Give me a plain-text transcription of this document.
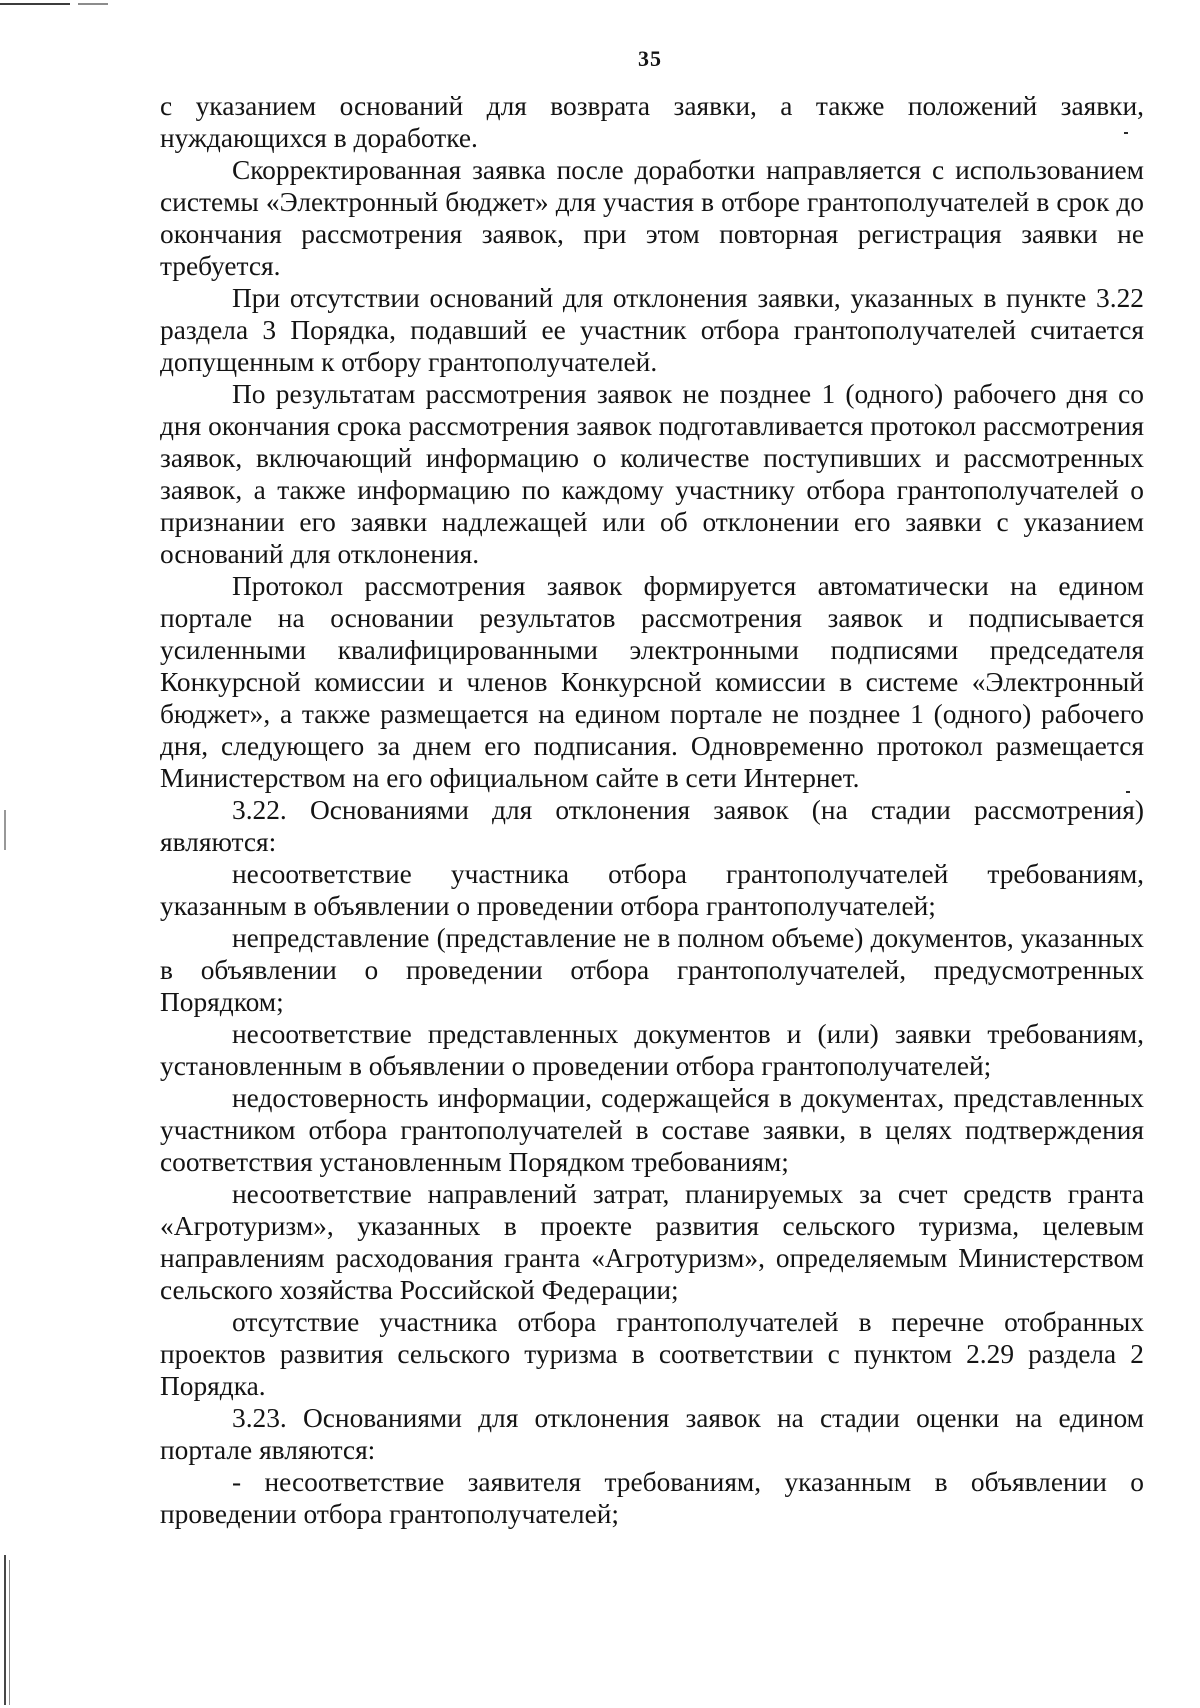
35

с указанием оснований для возврата заявки, а также положений заявки, нуждающихся в доработке.

Скорректированная заявка после доработки направляется с использованием системы «Электронный бюджет» для участия в отборе грантополучателей в срок до окончания рассмотрения заявок, при этом повторная регистрация заявки не требуется.

При отсутствии оснований для отклонения заявки, указанных в пункте 3.22 раздела 3 Порядка, подавший ее участник отбора грантополучателей считается допущенным к отбору грантополучателей.

По результатам рассмотрения заявок не позднее 1 (одного) рабочего дня со дня окончания срока рассмотрения заявок подготавливается протокол рассмотрения заявок, включающий информацию о количестве поступивших и рассмотренных заявок, а также информацию по каждому участнику отбора грантополучателей о признании его заявки надлежащей или об отклонении его заявки с указанием оснований для отклонения.

Протокол рассмотрения заявок формируется автоматически на едином портале на основании результатов рассмотрения заявок и подписывается усиленными квалифицированными электронными подписями председателя Конкурсной комиссии и членов Конкурсной комиссии в системе «Электронный бюджет», а также размещается на едином портале не позднее 1 (одного) рабочего дня, следующего за днем его подписания. Одновременно протокол размещается Министерством на его официальном сайте в сети Интернет.

3.22. Основаниями для отклонения заявок (на стадии рассмотрения) являются:

несоответствие участника отбора грантополучателей требованиям, указанным в объявлении о проведении отбора грантополучателей;

непредставление (представление не в полном объеме) документов, указанных в объявлении о проведении отбора грантополучателей, предусмотренных Порядком;

несоответствие представленных документов и (или) заявки требованиям, установленным в объявлении о проведении отбора грантополучателей;

недостоверность информации, содержащейся в документах, представленных участником отбора грантополучателей в составе заявки, в целях подтверждения соответствия установленным Порядком требованиям;

несоответствие направлений затрат, планируемых за счет средств гранта «Агротуризм», указанных в проекте развития сельского туризма, целевым направлениям расходования гранта «Агротуризм», определяемым Министерством сельского хозяйства Российской Федерации;

отсутствие участника отбора грантополучателей в перечне отобранных проектов развития сельского туризма в соответствии с пунктом 2.29 раздела 2 Порядка.

3.23. Основаниями для отклонения заявок на стадии оценки на едином портале являются:

- несоответствие заявителя требованиям, указанным в объявлении о проведении отбора грантополучателей;
